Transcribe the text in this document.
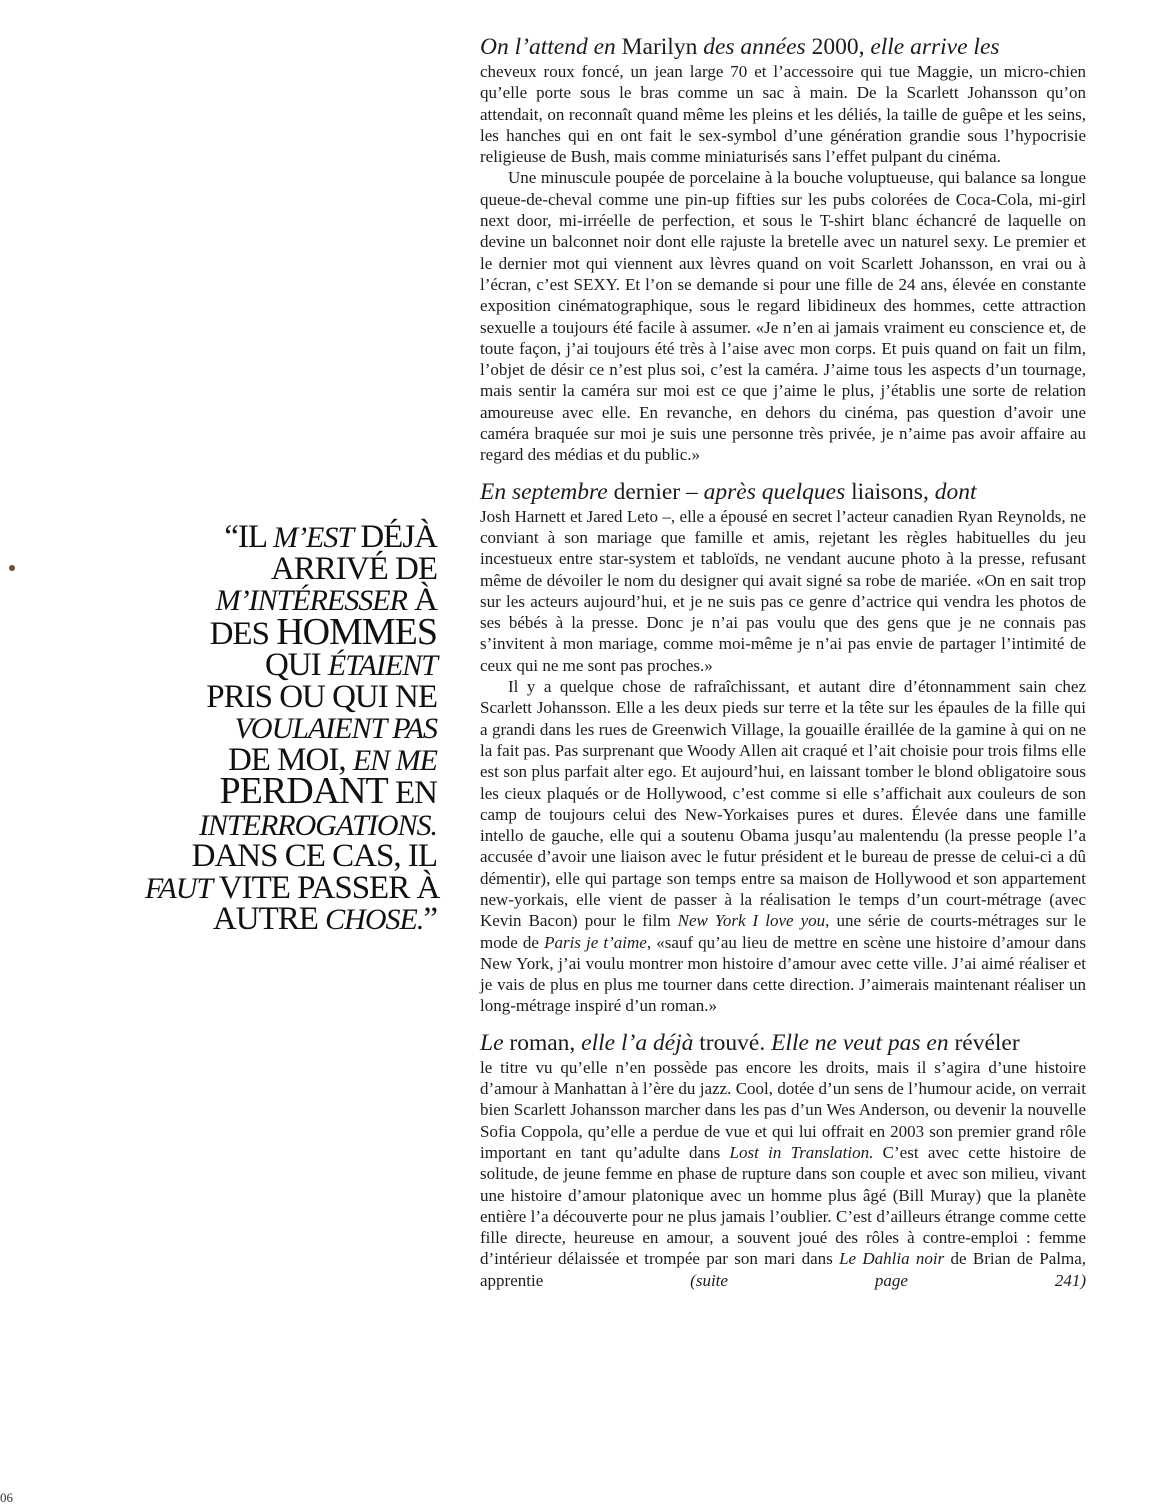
06
“IL M’EST DÉJÀ
ARRIVÉ DE
M’INTÉRESSER À
DES HOMMES
QUI ÉTAIENT
PRIS OU QUI NE
VOULAIENT PAS
DE MOI, EN ME
PERDANT EN
INTERROGATIONS.
DANS CE CAS, IL
FAUT VITE PASSER À
AUTRE CHOSE.”
On l’attend en Marilyn des années 2000, elle arrive les

cheveux roux foncé, un jean large 70 et l’accessoire qui tue Maggie, un micro-chien qu’elle porte sous le bras comme un sac à main. De la Scarlett Johansson qu’on attendait, on reconnaît quand même les pleins et les déliés, la taille de guêpe et les seins, les hanches qui en ont fait le sex-symbol d’une génération grandie sous l’hypocrisie religieuse de Bush, mais comme miniaturisés sans l’effet pulpant du cinéma.

Une minuscule poupée de porcelaine à la bouche voluptueuse, qui balance sa longue queue-de-cheval comme une pin-up fifties sur les pubs colorées de Coca-Cola, mi-girl next door, mi-irréelle de perfection, et sous le T-shirt blanc échancré de laquelle on devine un balconnet noir dont elle rajuste la bretelle avec un naturel sexy. Le premier et le dernier mot qui viennent aux lèvres quand on voit Scarlett Johansson, en vrai ou à l’écran, c’est SEXY. Et l’on se demande si pour une fille de 24 ans, élevée en constante exposition cinématographique, sous le regard libidineux des hommes, cette attraction sexuelle a toujours été facile à assumer. «Je n’en ai jamais vraiment eu conscience et, de toute façon, j’ai toujours été très à l’aise avec mon corps. Et puis quand on fait un film, l’objet de désir ce n’est plus soi, c’est la caméra. J’aime tous les aspects d’un tournage, mais sentir la caméra sur moi est ce que j’aime le plus, j’établis une sorte de relation amoureuse avec elle. En revanche, en dehors du cinéma, pas question d’avoir une caméra braquée sur moi je suis une personne très privée, je n’aime pas avoir affaire au regard des médias et du public.»

En septembre dernier – après quelques liaisons, dont

Josh Harnett et Jared Leto –, elle a épousé en secret l’acteur canadien Ryan Reynolds, ne conviant à son mariage que famille et amis, rejetant les règles habituelles du jeu incestueux entre star-system et tabloïds, ne vendant aucune photo à la presse, refusant même de dévoiler le nom du designer qui avait signé sa robe de mariée. «On en sait trop sur les acteurs aujourd’hui, et je ne suis pas ce genre d’actrice qui vendra les photos de ses bébés à la presse. Donc je n’ai pas voulu que des gens que je ne connais pas s’invitent à mon mariage, comme moi-même je n’ai pas envie de partager l’intimité de ceux qui ne me sont pas proches.»

Il y a quelque chose de rafraîchissant, et autant dire d’étonnamment sain chez Scarlett Johansson. Elle a les deux pieds sur terre et la tête sur les épaules de la fille qui a grandi dans les rues de Greenwich Village, la gouaille éraillée de la gamine à qui on ne la fait pas. Pas surprenant que Woody Allen ait craqué et l’ait choisie pour trois films elle est son plus parfait alter ego. Et aujourd’hui, en laissant tomber le blond obligatoire sous les cieux plaqués or de Hollywood, c’est comme si elle s’affichait aux couleurs de son camp de toujours celui des New-Yorkaises pures et dures. Élevée dans une famille intello de gauche, elle qui a soutenu Obama jusqu’au malentendu (la presse people l’a accusée d’avoir une liaison avec le futur président et le bureau de presse de celui-ci a dû démentir), elle qui partage son temps entre sa maison de Hollywood et son appartement new-yorkais, elle vient de passer à la réalisation le temps d’un court-métrage (avec Kevin Bacon) pour le film New York I love you, une série de courts-métrages sur le mode de Paris je t’aime, «sauf qu’au lieu de mettre en scène une histoire d’amour dans New York, j’ai voulu montrer mon histoire d’amour avec cette ville. J’ai aimé réaliser et je vais de plus en plus me tourner dans cette direction. J’aimerais maintenant réaliser un long-métrage inspiré d’un roman.»

Le roman, elle l’a déjà trouvé. Elle ne veut pas en révéler

le titre vu qu’elle n’en possède pas encore les droits, mais il s’agira d’une histoire d’amour à Manhattan à l’ère du jazz. Cool, dotée d’un sens de l’humour acide, on verrait bien Scarlett Johansson marcher dans les pas d’un Wes Anderson, ou devenir la nouvelle Sofia Coppola, qu’elle a perdue de vue et qui lui offrait en 2003 son premier grand rôle important en tant qu’adulte dans Lost in Translation. C’est avec cette histoire de solitude, de jeune femme en phase de rupture dans son couple et avec son milieu, vivant une histoire d’amour platonique avec un homme plus âgé (Bill Muray) que la planète entière l’a découverte pour ne plus jamais l’oublier. C’est d’ailleurs étrange comme cette fille directe, heureuse en amour, a souvent joué des rôles à contre-emploi : femme d’intérieur délaissée et trompée par son mari dans Le Dahlia noir de Brian de Palma, apprentie	(suite page 241)
